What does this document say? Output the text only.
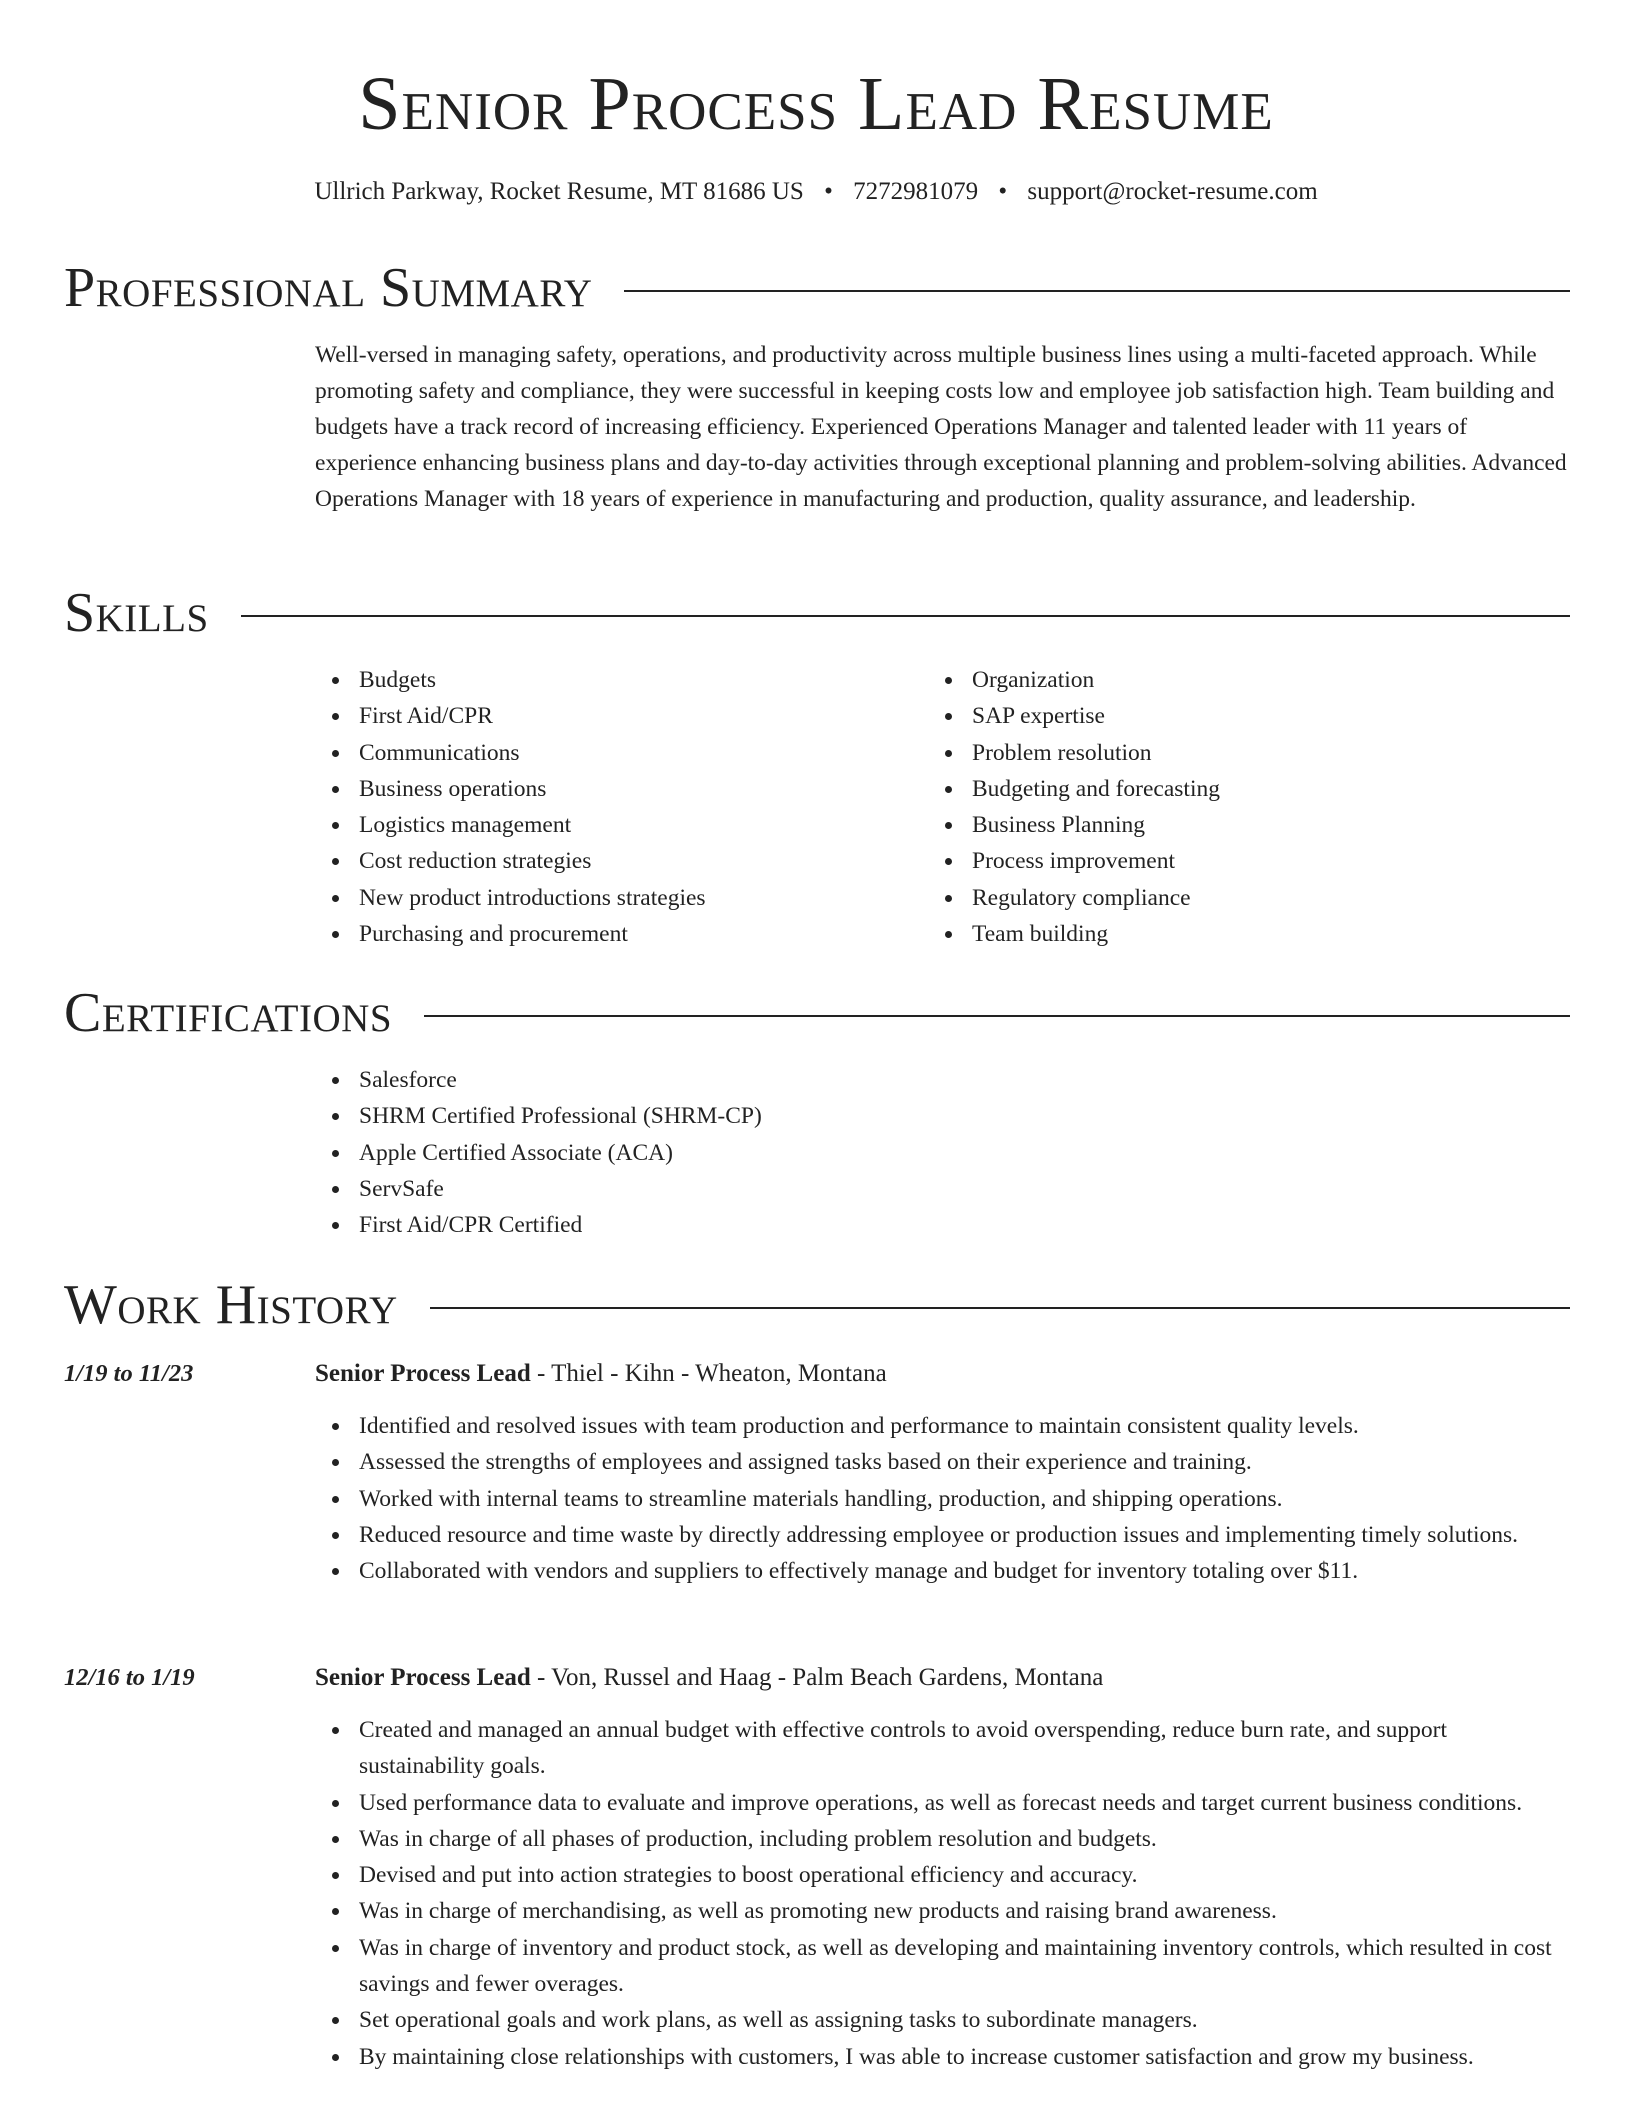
Senior Process Lead Resume
Ullrich Parkway, Rocket Resume, MT 81686 US • 7272981079 • support@rocket-resume.com
Professional Summary

Well-versed in managing safety, operations, and productivity across multiple business lines using a multi-faceted approach. While promoting safety and compliance, they were successful in keeping costs low and employee job satisfaction high. Team building and budgets have a track record of increasing efficiency. Experienced Operations Manager and talented leader with 11 years of experience enhancing business plans and day-to-day activities through exceptional planning and problem-solving abilities. Advanced Operations Manager with 18 years of experience in manufacturing and production, quality assurance, and leadership.

Skills
Budgets
First Aid/CPR
Communications
Business operations
Logistics management
Cost reduction strategies
New product introductions strategies
Purchasing and procurement
Organization
SAP expertise
Problem resolution
Budgeting and forecasting
Business Planning
Process improvement
Regulatory compliance
Team building
Certifications
Salesforce
SHRM Certified Professional (SHRM-CP)
Apple Certified Associate (ACA)
ServSafe
First Aid/CPR Certified
Work History
1/19 to 11/23	Senior Process Lead - Thiel - Kihn - Wheaton, Montana
Identified and resolved issues with team production and performance to maintain consistent quality levels.
Assessed the strengths of employees and assigned tasks based on their experience and training.
Worked with internal teams to streamline materials handling, production, and shipping operations.
Reduced resource and time waste by directly addressing employee or production issues and implementing timely solutions.
Collaborated with vendors and suppliers to effectively manage and budget for inventory totaling over $11.
12/16 to 1/19	Senior Process Lead - Von, Russel and Haag - Palm Beach Gardens, Montana
Created and managed an annual budget with effective controls to avoid overspending, reduce burn rate, and support sustainability goals.
Used performance data to evaluate and improve operations, as well as forecast needs and target current business conditions.
Was in charge of all phases of production, including problem resolution and budgets.
Devised and put into action strategies to boost operational efficiency and accuracy.
Was in charge of merchandising, as well as promoting new products and raising brand awareness.
Was in charge of inventory and product stock, as well as developing and maintaining inventory controls, which resulted in cost savings and fewer overages.
Set operational goals and work plans, as well as assigning tasks to subordinate managers.
By maintaining close relationships with customers, I was able to increase customer satisfaction and grow my business.
